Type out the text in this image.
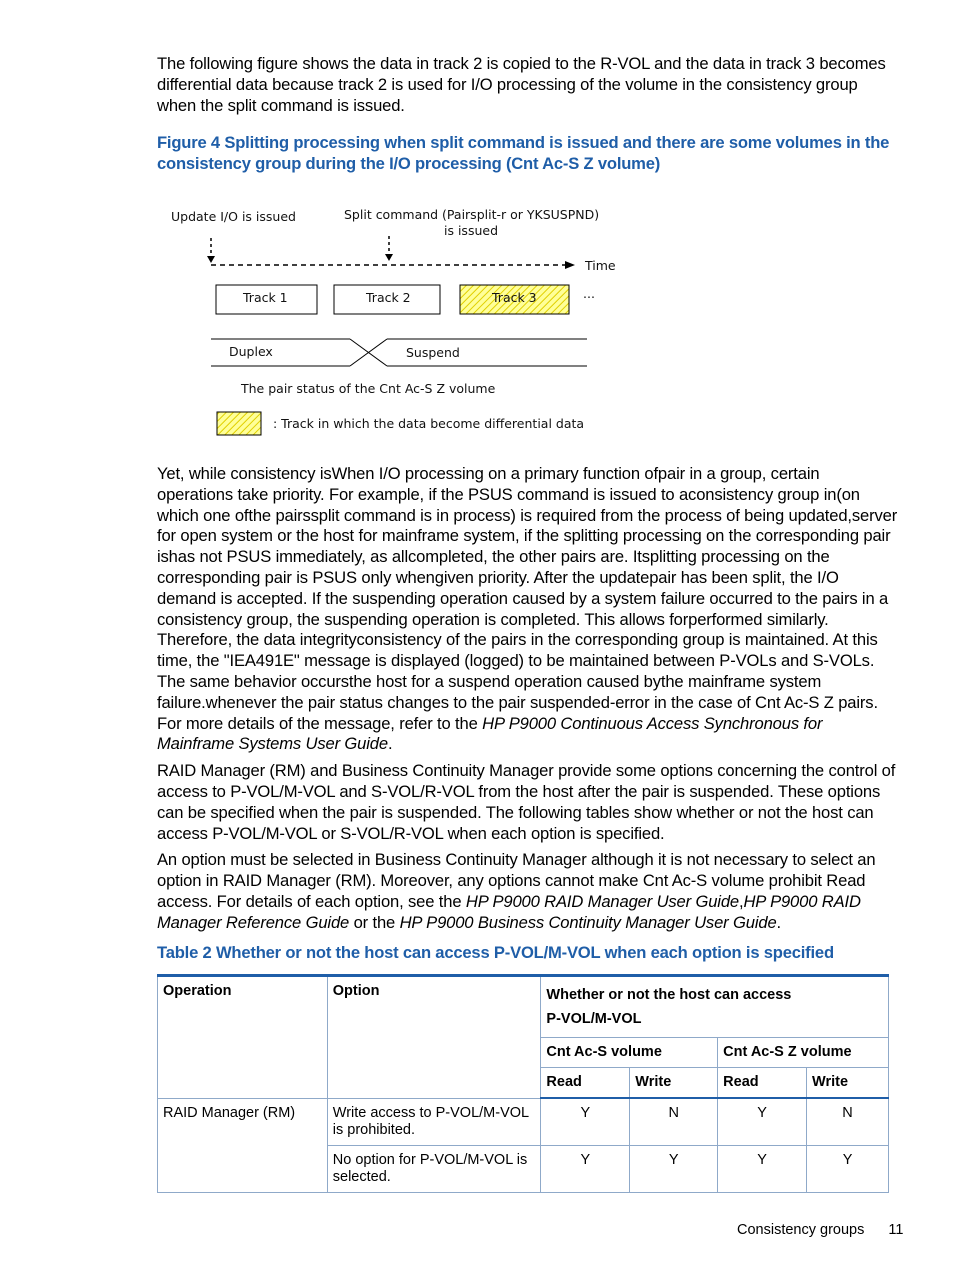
The following figure shows the data in track 2 is copied to the R-VOL and the data in track 3 becomes differential data because track 2 is used for I/O processing of the volume in the consistency group when the split command is issued.

Figure 4 Splitting processing when split command is issued and there are some volumes in the consistency group during the I/O processing (Cnt Ac-S Z volume)

Update I/O is issued	Split command (Pairsplit-r or YKSUSPND)
is issued
Time
Track 1	Track 2	Track 3	...
Duplex	Suspend
The pair status of the Cnt Ac-S Z volume
: Track in which the data become differential data

Yet, while consistency isWhen I/O processing on a primary function ofpair in a group, certain operations take priority. For example, if the PSUS command is issued to aconsistency group in(on which one ofthe pairssplit command is in process) is required from the process of being updated,server for open system or the host for mainframe system, if the splitting processing on the corresponding pair ishas not PSUS immediately, as allcompleted, the other pairs are. Itsplitting processing on the corresponding pair is PSUS only whengiven priority. After the updatepair has been split, the I/O demand is accepted. If the suspending operation caused by a system failure occurred to the pairs in a consistency group, the suspending operation is completed. This allows forperformed similarly. Therefore, the data integrityconsistency of the pairs in the corresponding group is maintained. At this time, the "IEA491E" message is displayed (logged) to be maintained between P-VOLs and S-VOLs. The same behavior occursthe host for a suspend operation caused bythe mainframe system failure.whenever the pair status changes to the pair suspended-error in the case of Cnt Ac-S Z pairs. For more details of the message, refer to the HP P9000 Continuous Access Synchronous for Mainframe Systems User Guide.

RAID Manager (RM) and Business Continuity Manager provide some options concerning the control of access to P-VOL/M-VOL and S-VOL/R-VOL from the host after the pair is suspended. These options can be specified when the pair is suspended. The following tables show whether or not the host can access P-VOL/M-VOL or S-VOL/R-VOL when each option is specified.

An option must be selected in Business Continuity Manager although it is not necessary to select an option in RAID Manager (RM). Moreover, any options cannot make Cnt Ac-S volume prohibit Read access. For details of each option, see the HP P9000 RAID Manager User Guide,HP P9000 RAID Manager Reference Guide or the HP P9000 Business Continuity Manager User Guide.

Table 2 Whether or not the host can access P-VOL/M-VOL when each option is specified

Operation	Option	Whether or not the host can access
P-VOL/M-VOL			
		Cnt Ac-S volume		Cnt Ac-S Z volume	
		Read	Write	Read	Write
RAID Manager (RM)	Write access to P-VOL/M-VOL is prohibited.	Y	N	Y	N
	No option for P-VOL/M-VOL is selected.	Y	Y	Y	Y
Consistency groups 11
